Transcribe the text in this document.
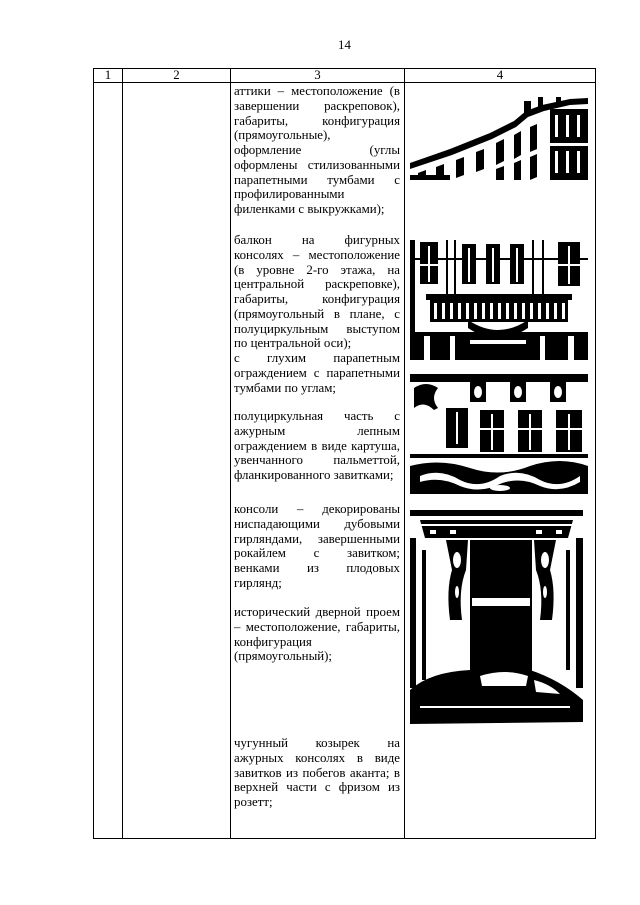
14
1	2	3	4
аттики – местоположение (в
завершении раскреповок),
габариты, конфигурация
(прямоугольные),
оформление (углы
оформлены стилизованными
парапетными тумбами с
профилированными
филенками с выкружками);
балкон на фигурных
консолях – местоположение
(в уровне 2-го этажа, на
центральной раскреповке),
габариты, конфигурация
(прямоугольный в плане, с
полуциркульным выступом
по центральной оси);
с глухим парапетным
ограждением с парапетными
тумбами по углам;
полуциркульная часть с
ажурным лепным
ограждением в виде картуша,
увенчанного пальметтой,
фланкированного завитками;
консоли – декорированы
ниспадающими дубовыми
гирляндами, завершенными
рокайлем с завитком;
венками из плодовых
гирлянд;
исторический дверной проем
– местоположение, габариты,
конфигурация
(прямоугольный);
чугунный козырек на
ажурных консолях в виде
завитков из побегов аканта; в
верхней части с фризом из
розетт;
